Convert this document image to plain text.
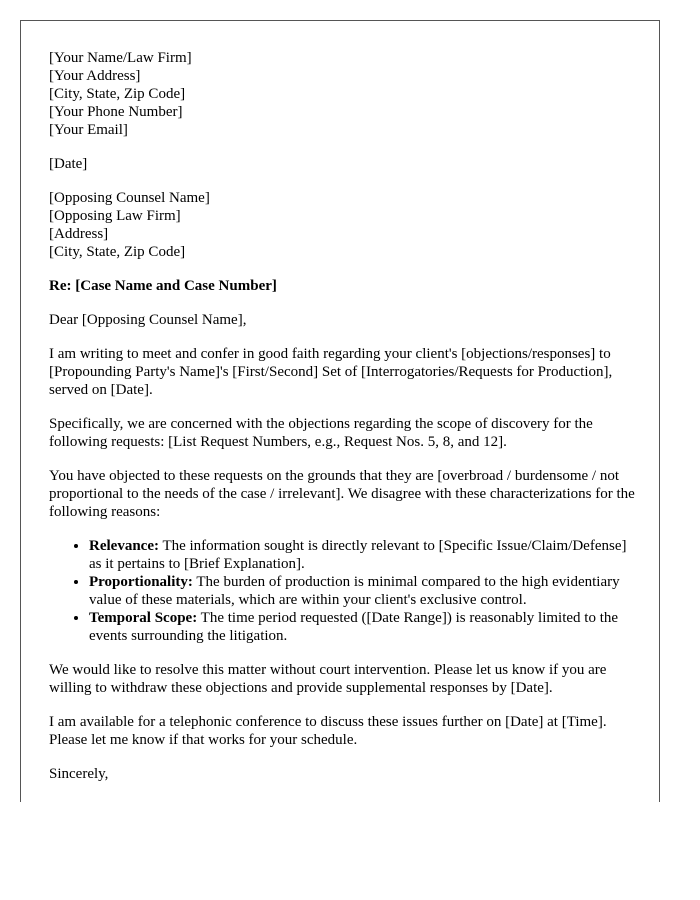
[Your Name/Law Firm]
[Your Address]
[City, State, Zip Code]
[Your Phone Number]
[Your Email]
[Date]
[Opposing Counsel Name]
[Opposing Law Firm]
[Address]
[City, State, Zip Code]
Re: [Case Name and Case Number]

Dear [Opposing Counsel Name],

I am writing to meet and confer in good faith regarding your client's [objections/responses] to [Propounding Party's Name]'s [First/Second] Set of [Interrogatories/Requests for Production], served on [Date].

Specifically, we are concerned with the objections regarding the scope of discovery for the following requests: [List Request Numbers, e.g., Request Nos. 5, 8, and 12].

You have objected to these requests on the grounds that they are [overbroad / burdensome / not proportional to the needs of the case / irrelevant]. We disagree with these characterizations for the following reasons:

• Relevance: The information sought is directly relevant to [Specific Issue/Claim/Defense] as it pertains to [Brief Explanation].
• Proportionality: The burden of production is minimal compared to the high evidentiary value of these materials, which are within your client's exclusive control.
• Temporal Scope: The time period requested ([Date Range]) is reasonably limited to the events surrounding the litigation.

We would like to resolve this matter without court intervention. Please let us know if you are willing to withdraw these objections and provide supplemental responses by [Date].

I am available for a telephonic conference to discuss these issues further on [Date] at [Time]. Please let me know if that works for your schedule.

Sincerely,
